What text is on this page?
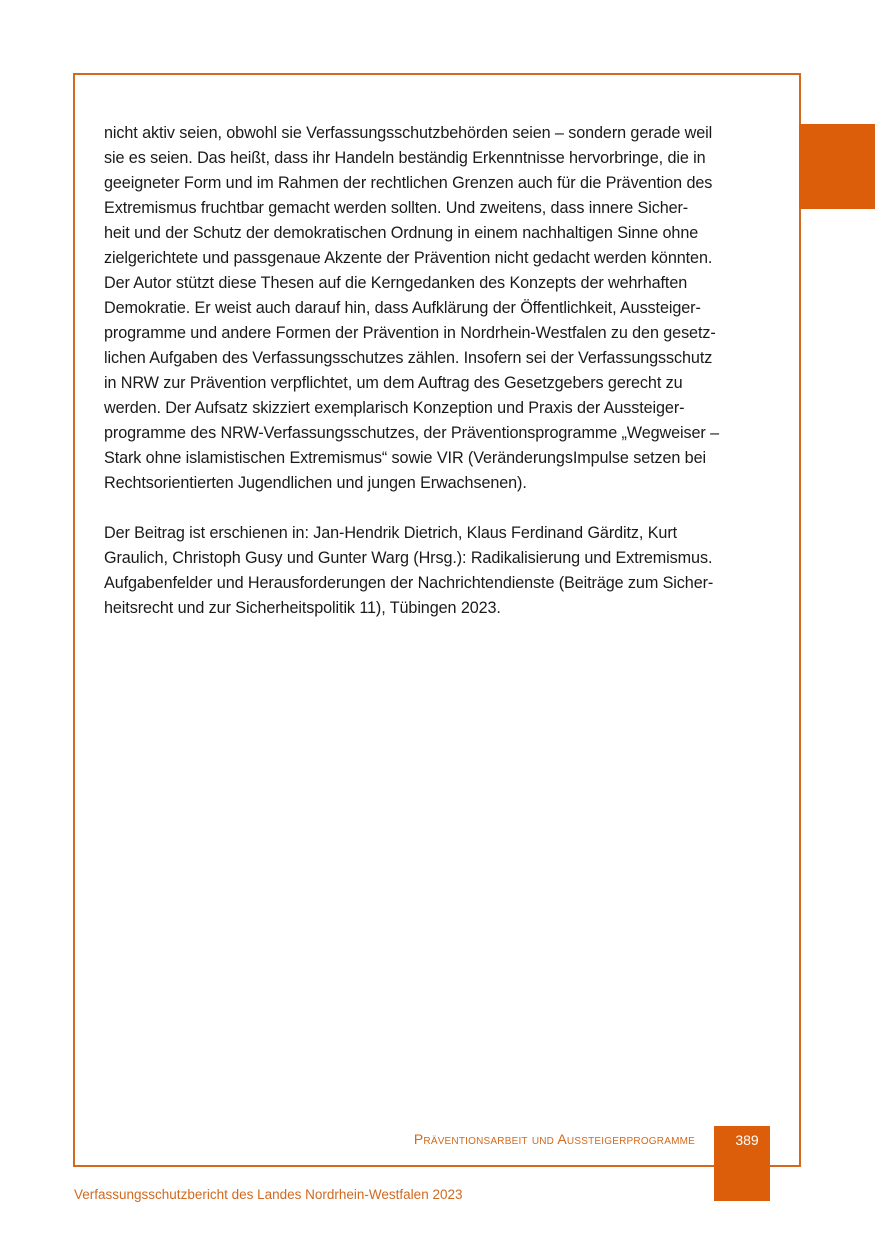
nicht aktiv seien, obwohl sie Verfassungsschutzbehörden seien – sondern gerade weil
sie es seien. Das heißt, dass ihr Handeln beständig Erkenntnisse hervorbringe, die in
geeigneter Form und im Rahmen der rechtlichen Grenzen auch für die Prävention des
Extremismus fruchtbar gemacht werden sollten. Und zweitens, dass innere Sicher-
heit und der Schutz der demokratischen Ordnung in einem nachhaltigen Sinne ohne
zielgerichtete und passgenaue Akzente der Prävention nicht gedacht werden könnten.
Der Autor stützt diese Thesen auf die Kerngedanken des Konzepts der wehrhaften
Demokratie. Er weist auch darauf hin, dass Aufklärung der Öffentlichkeit, Aussteiger-
programme und andere Formen der Prävention in Nordrhein-Westfalen zu den gesetz-
lichen Aufgaben des Verfassungsschutzes zählen. Insofern sei der Verfassungsschutz
in NRW zur Prävention verpflichtet, um dem Auftrag des Gesetzgebers gerecht zu
werden. Der Aufsatz skizziert exemplarisch Konzeption und Praxis der Aussteiger-
programme des NRW-Verfassungsschutzes, der Präventionsprogramme „Wegweiser –
Stark ohne islamistischen Extremismus“ sowie VIR (VeränderungsImpulse setzen bei
Rechtsorientierten Jugendlichen und jungen Erwachsenen).

Der Beitrag ist erschienen in: Jan-Hendrik Dietrich, Klaus Ferdinand Gärditz, Kurt
Graulich, Christoph Gusy und Gunter Warg (Hrsg.): Radikalisierung und Extremismus.
Aufgabenfelder und Herausforderungen der Nachrichtendienste (Beiträge zum Sicher-
heitsrecht und zur Sicherheitspolitik 11), Tübingen 2023.

Präventionsarbeit und Aussteigerprogramme	389
Verfassungsschutzbericht des Landes Nordrhein-Westfalen 2023
